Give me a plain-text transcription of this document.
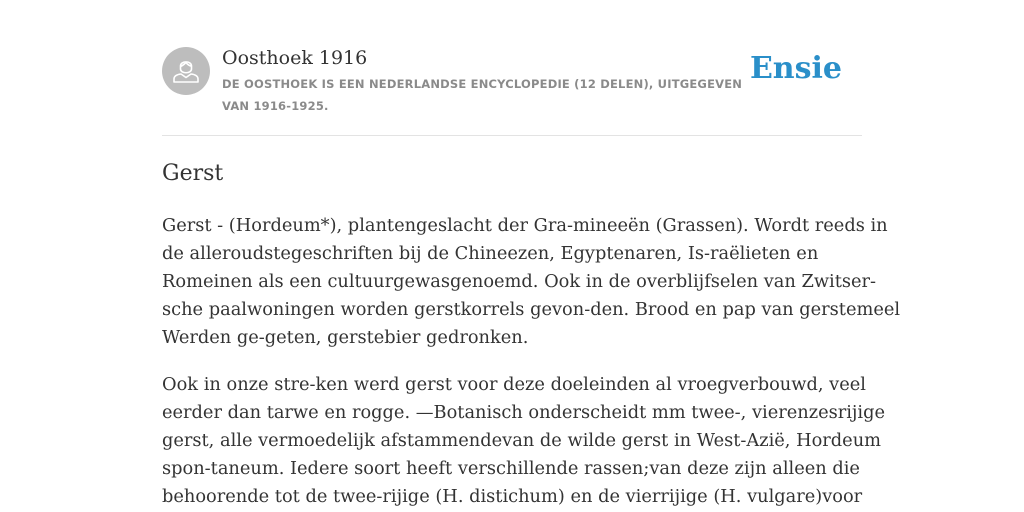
Oosthoek 1916
DE OOSTHOEK IS EEN NEDERLANDSE ENCYCLOPEDIE (12 DELEN), UITGEGEVEN
VAN 1916-1925.
Ensie
Gerst
Gerst - (Hordeum*), plantengeslacht der Gra-mineeën (Grassen). Wordt reeds in
de alleroudstegeschriften bij de Chineezen, Egyptenaren, Is-raëlieten en
Romeinen als een cultuurgewasgenoemd. Ook in de overblijfselen van Zwitser-
sche paalwoningen worden gerstkorrels gevon-den. Brood en pap van gerstemeel
Werden ge-geten, gerstebier gedronken.
Ook in onze stre-ken werd gerst voor deze doeleinden al vroegverbouwd, veel
eerder dan tarwe en rogge. —Botanisch onderscheidt mm twee-, vierenzesrijige
gerst, alle vermoedelijk afstammendevan de wilde gerst in West-Azië, Hordeum
spon-taneum. Iedere soort heeft verschillende rassen;van deze zijn alleen die
behoorende tot de twee-rijige (H. distichum) en de vierrijige (H. vulgare)voor
